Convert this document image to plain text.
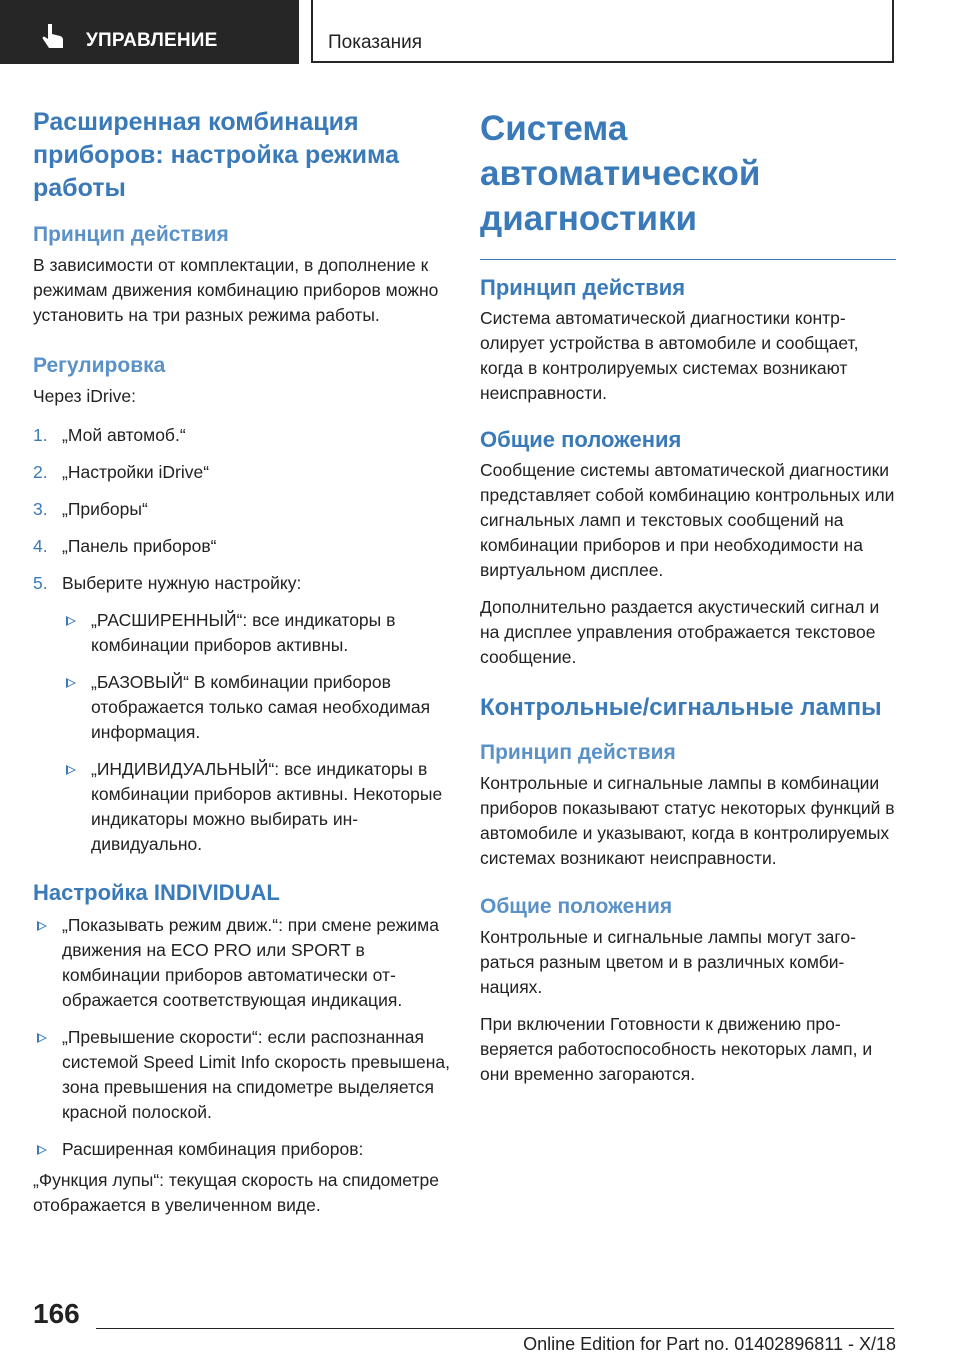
УПРАВЛЕНИЕ	Показания
Расширенная комбинация приборов: настройка режима работы
Принцип действия

В зависимости от комплектации, в дополнение к режимам движения комбинацию приборов можно установить на три разных режима работы.

Регулировка

Через iDrive:

1. „Мой автомоб.“
2. „Настройки iDrive“
3. „Приборы“
4. „Панель приборов“
5. Выберите нужную настройку:
„РАСШИРЕННЫЙ“: все индикаторы в комбинации приборов активны.
„БАЗОВЫЙ“ В комбинации приборов отображается только самая необходимая информация.
„ИНДИВИДУАЛЬНЫЙ“: все индикаторы в комбинации приборов активны. Некоторые индикаторы можно выбирать индивидуально.
Настройка INDIVIDUAL
„Показывать режим движ.“: при смене режима движения на ECO PRO или SPORT в комбинации приборов автоматически отображается соответствующая индикация.
„Превышение скорости“: если распознанная системой Speed Limit Info скорость превышена, зона превышения на спидометре выделяется красной полоской.
Расширенная комбинация приборов:

„Функция лупы“: текущая скорость на спидометре отображается в увеличенном виде.

Система автоматической диагностики
Принцип действия

Система автоматической диагностики контролирует устройства в автомобиле и сообщает, когда в контролируемых системах возникают неисправности.

Общие положения

Сообщение системы автоматической диагностики представляет собой комбинацию контрольных или сигнальных ламп и текстовых сообщений на комбинации приборов и при необходимости на виртуальном дисплее.

Дополнительно раздается акустический сигнал и на дисплее управления отображается текстовое сообщение.

Контрольные/сигнальные лампы
Принцип действия

Контрольные и сигнальные лампы в комбинации приборов показывают статус некоторых функций в автомобиле и указывают, когда в контролируемых системах возникают неисправности.

Общие положения

Контрольные и сигнальные лампы могут загораться разным цветом и в различных комбинациях.

При включении Готовности к движению проверяется работоспособность некоторых ламп, и они временно загораются.

166
Online Edition for Part no. 01402896811 - X/18
